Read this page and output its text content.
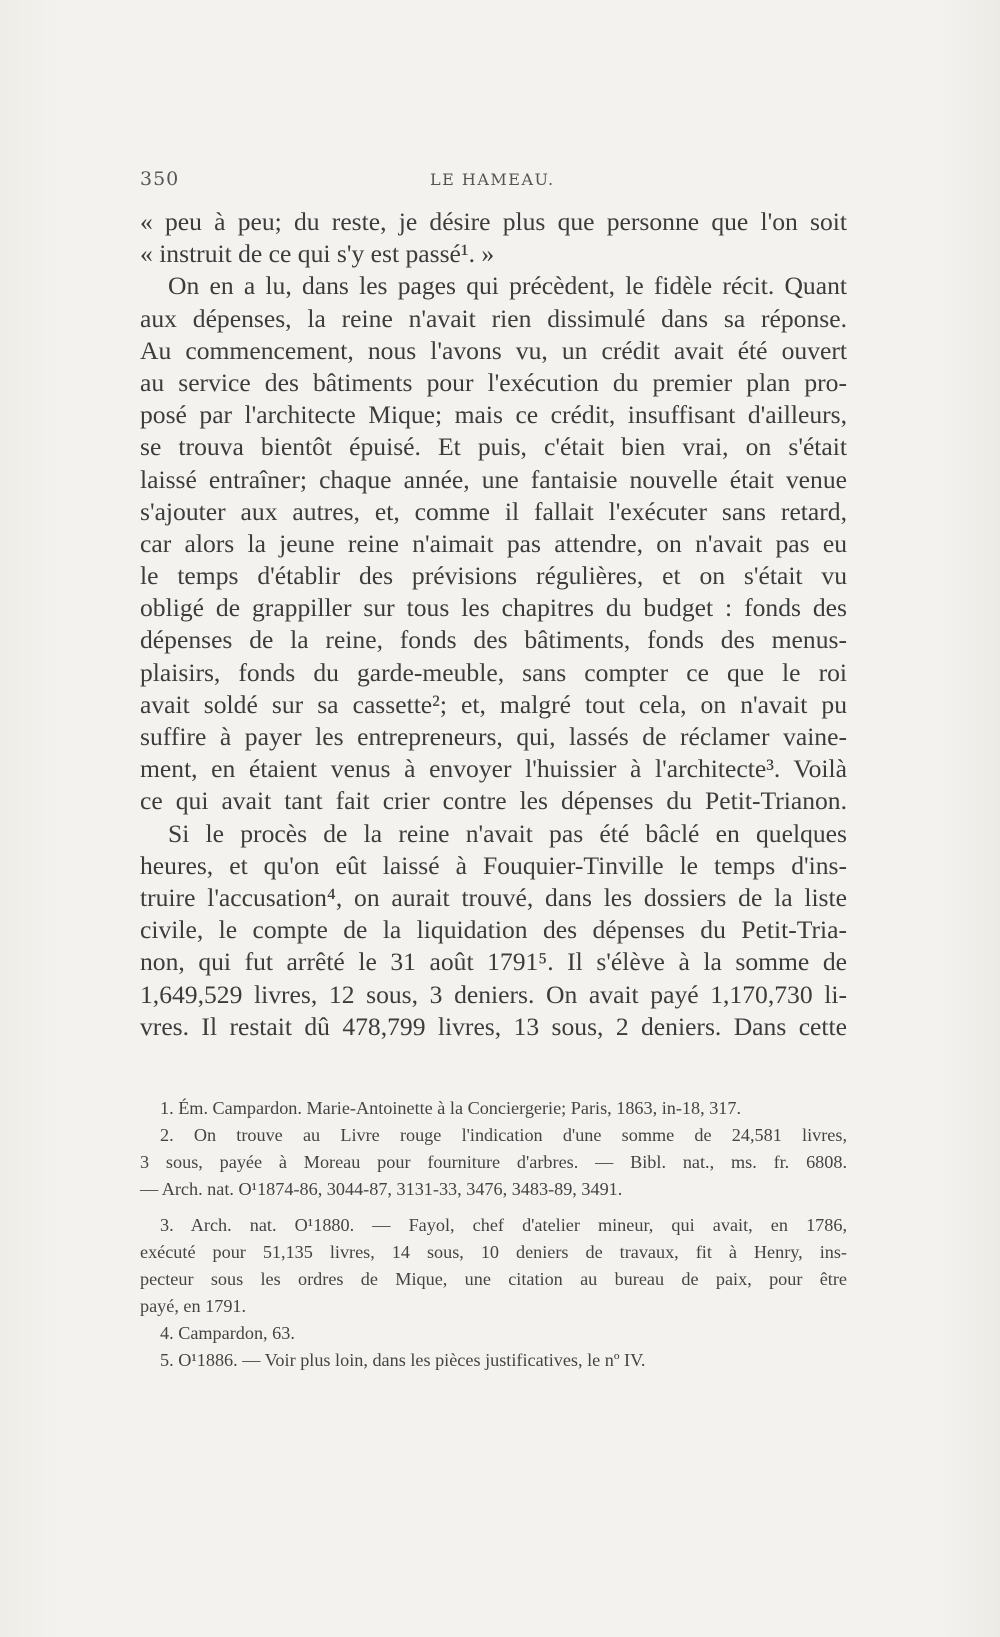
350	LE HAMEAU.
« peu à peu; du reste, je désire plus que personne que l'on soit
« instruit de ce qui s'y est passé¹. »
On en a lu, dans les pages qui précèdent, le fidèle récit. Quant
aux dépenses, la reine n'avait rien dissimulé dans sa réponse.
Au commencement, nous l'avons vu, un crédit avait été ouvert
au service des bâtiments pour l'exécution du premier plan pro-
posé par l'architecte Mique; mais ce crédit, insuffisant d'ailleurs,
se trouva bientôt épuisé. Et puis, c'était bien vrai, on s'était
laissé entraîner; chaque année, une fantaisie nouvelle était venue
s'ajouter aux autres, et, comme il fallait l'exécuter sans retard,
car alors la jeune reine n'aimait pas attendre, on n'avait pas eu
le temps d'établir des prévisions régulières, et on s'était vu
obligé de grappiller sur tous les chapitres du budget : fonds des
dépenses de la reine, fonds des bâtiments, fonds des menus-
plaisirs, fonds du garde-meuble, sans compter ce que le roi
avait soldé sur sa cassette²; et, malgré tout cela, on n'avait pu
suffire à payer les entrepreneurs, qui, lassés de réclamer vaine-
ment, en étaient venus à envoyer l'huissier à l'architecte³. Voilà
ce qui avait tant fait crier contre les dépenses du Petit-Trianon.
Si le procès de la reine n'avait pas été bâclé en quelques
heures, et qu'on eût laissé à Fouquier-Tinville le temps d'ins-
truire l'accusation⁴, on aurait trouvé, dans les dossiers de la liste
civile, le compte de la liquidation des dépenses du Petit-Tria-
non, qui fut arrêté le 31 août 1791⁵. Il s'élève à la somme de
1,649,529 livres, 12 sous, 3 deniers. On avait payé 1,170,730 li-
vres. Il restait dû 478,799 livres, 13 sous, 2 deniers. Dans cette
1. Ém. Campardon. Marie-Antoinette à la Conciergerie; Paris, 1863, in-18, 317.
2. On trouve au Livre rouge l'indication d'une somme de 24,581 livres,
3 sous, payée à Moreau pour fourniture d'arbres. — Bibl. nat., ms. fr. 6808.
— Arch. nat. O¹1874-86, 3044-87, 3131-33, 3476, 3483-89, 3491.
3. Arch. nat. O¹1880. — Fayol, chef d'atelier mineur, qui avait, en 1786,
exécuté pour 51,135 livres, 14 sous, 10 deniers de travaux, fit à Henry, ins-
pecteur sous les ordres de Mique, une citation au bureau de paix, pour être
payé, en 1791.
4. Campardon, 63.
5. O¹1886. — Voir plus loin, dans les pièces justificatives, le nº IV.
